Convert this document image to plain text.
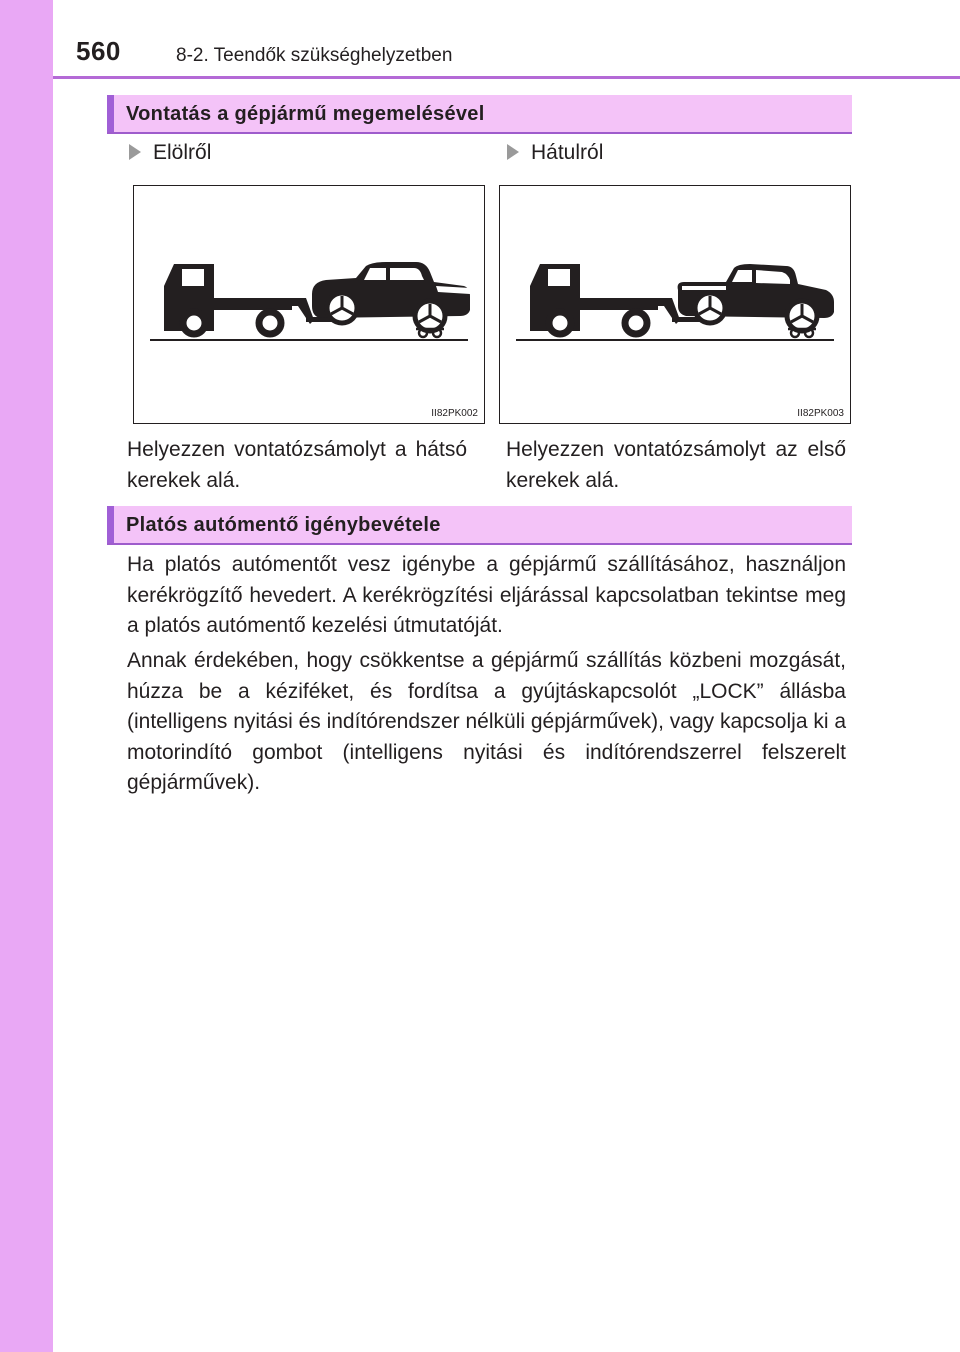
560	8-2. Teendők szükséghelyzetben
Vontatás a gépjármű megemelésével
Elölről	Hátulról
II82PK002	II82PK003
Helyezzen vontatózsámolyt a hátsó kerekek alá.
Helyezzen vontatózsámolyt az első kerekek alá.
Platós autómentő igénybevétele

Ha platós autómentőt vesz igénybe a gépjármű szállításához, használjon kerékrögzítő hevedert. A kerékrögzítési eljárással kapcsolatban tekintse meg a platós autómentő kezelési útmutatóját.

Annak érdekében, hogy csökkentse a gépjármű szállítás közbeni mozgását, húzza be a kéziféket, és fordítsa a gyújtáskapcsolót „LOCK” állásba (intelligens nyitási és indítórendszer nélküli gépjárművek), vagy kapcsolja ki a motorindító gombot (intelligens nyitási és indítórendszerrel felszerelt gépjárművek).
